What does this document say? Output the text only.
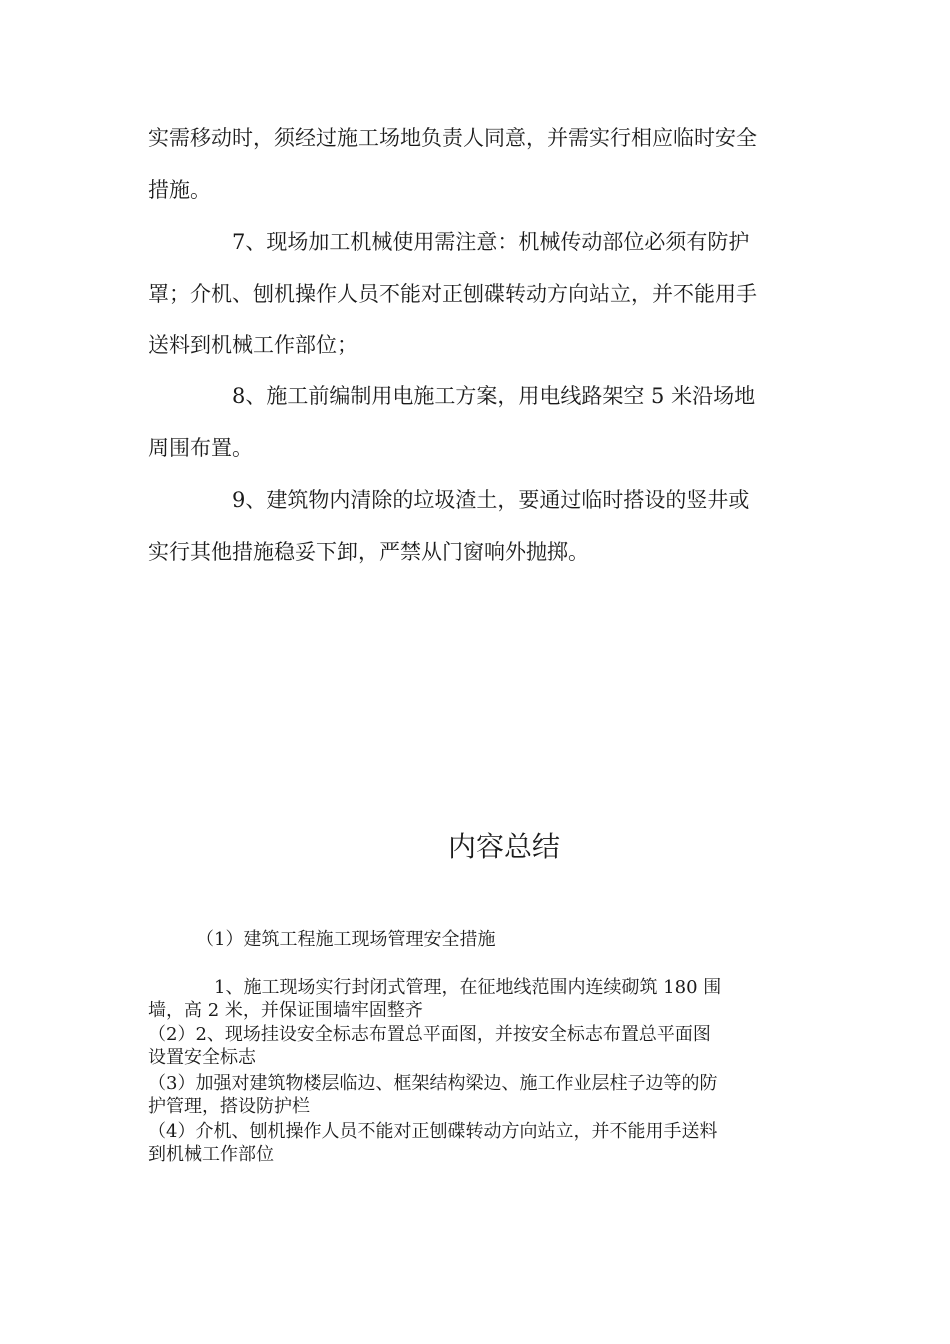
实需移动时，须经过施工场地负责人同意，并需实行相应临时安全
措施。
7、现场加工机械使用需注意：机械传动部位必须有防护
罩；介机、刨机操作人员不能对正刨碟转动方向站立，并不能用手
送料到机械工作部位；
8、施工前编制用电施工方案，用电线路架空 5 米沿场地
周围布置。
9、建筑物内清除的垃圾渣土，要通过临时搭设的竖井或
实行其他措施稳妥下卸，严禁从门窗响外抛掷。
内容总结
（1）建筑工程施工现场管理安全措施
1、施工现场实行封闭式管理，在征地线范围内连续砌筑 180 围
墙，高 2 米，并保证围墙牢固整齐
（2）2、现场挂设安全标志布置总平面图，并按安全标志布置总平面图
设置安全标志
（3）加强对建筑物楼层临边、框架结构梁边、施工作业层柱子边等的防
护管理，搭设防护栏
（4）介机、刨机操作人员不能对正刨碟转动方向站立，并不能用手送料
到机械工作部位
